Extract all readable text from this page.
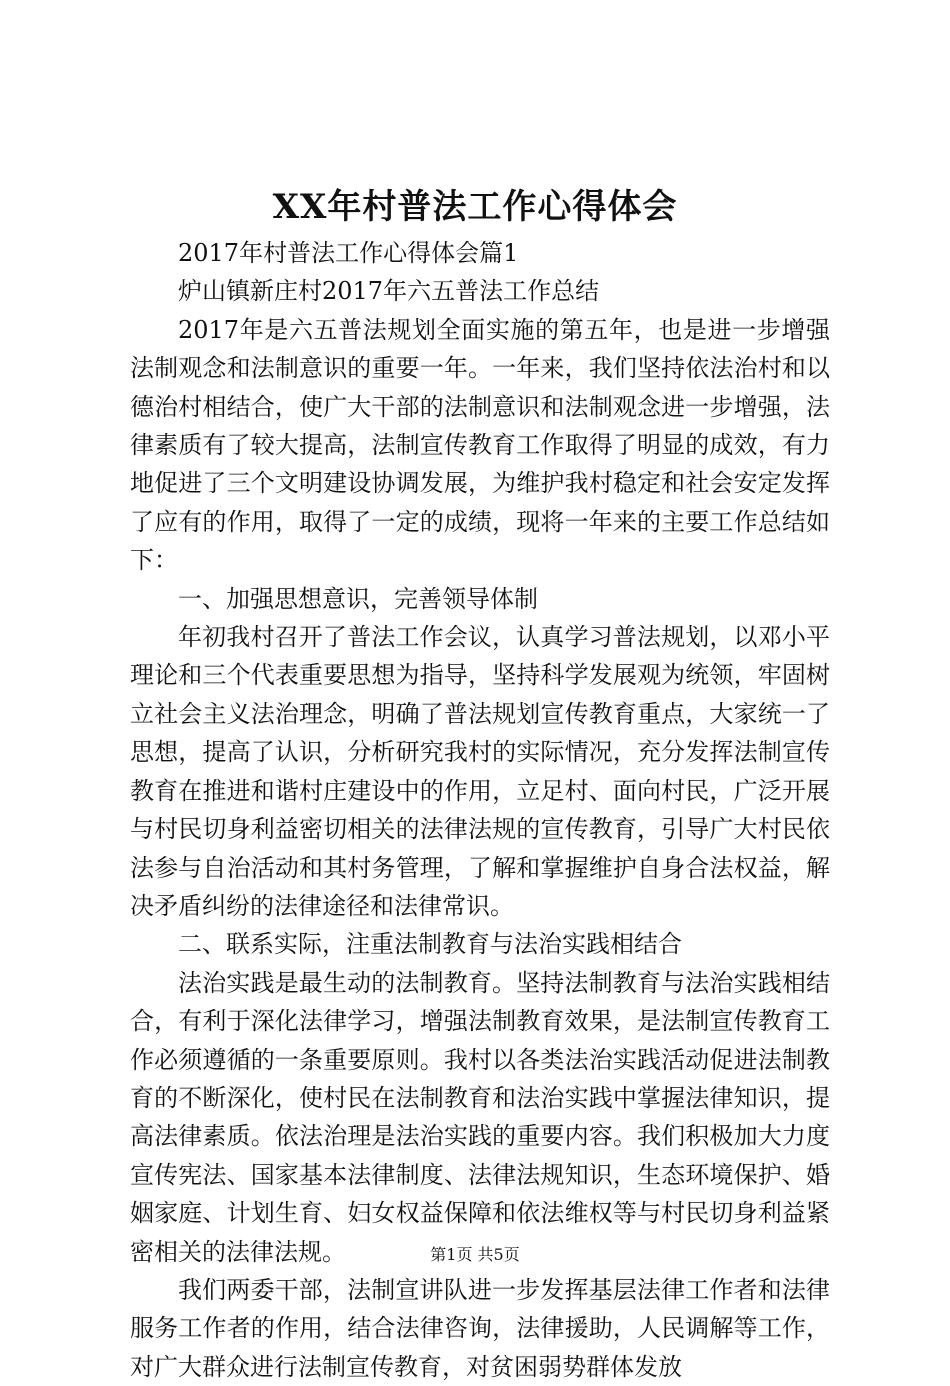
XX年村普法工作心得体会

2017年村普法工作心得体会篇1

炉山镇新庄村2017年六五普法工作总结

2017年是六五普法规划全面实施的第五年，也是进一步增强法制观念和法制意识的重要一年。一年来，我们坚持依法治村和以德治村相结合，使广大干部的法制意识和法制观念进一步增强，法律素质有了较大提高，法制宣传教育工作取得了明显的成效，有力地促进了三个文明建设协调发展，为维护我村稳定和社会安定发挥了应有的作用，取得了一定的成绩，现将一年来的主要工作总结如下：

一、加强思想意识，完善领导体制

年初我村召开了普法工作会议，认真学习普法规划，以邓小平理论和三个代表重要思想为指导，坚持科学发展观为统领，牢固树立社会主义法治理念，明确了普法规划宣传教育重点，大家统一了思想，提高了认识，分析研究我村的实际情况，充分发挥法制宣传教育在推进和谐村庄建设中的作用，立足村、面向村民，广泛开展与村民切身利益密切相关的法律法规的宣传教育，引导广大村民依法参与自治活动和其村务管理，了解和掌握维护自身合法权益，解决矛盾纠纷的法律途径和法律常识。

二、联系实际，注重法制教育与法治实践相结合

法治实践是最生动的法制教育。坚持法制教育与法治实践相结合，有利于深化法律学习，增强法制教育效果，是法制宣传教育工作必须遵循的一条重要原则。我村以各类法治实践活动促进法制教育的不断深化，使村民在法制教育和法治实践中掌握法律知识，提高法律素质。依法治理是法治实践的重要内容。我们积极加大力度宣传宪法、国家基本法律制度、法律法规知识，生态环境保护、婚姻家庭、计划生育、妇女权益保障和依法维权等与村民切身利益紧密相关的法律法规。

我们两委干部，法制宣讲队进一步发挥基层法律工作者和法律服务工作者的作用，结合法律咨询，法律援助，人民调解等工作，对广大群众进行法制宣传教育，对贫困弱势群体发放

第1页 共5页
